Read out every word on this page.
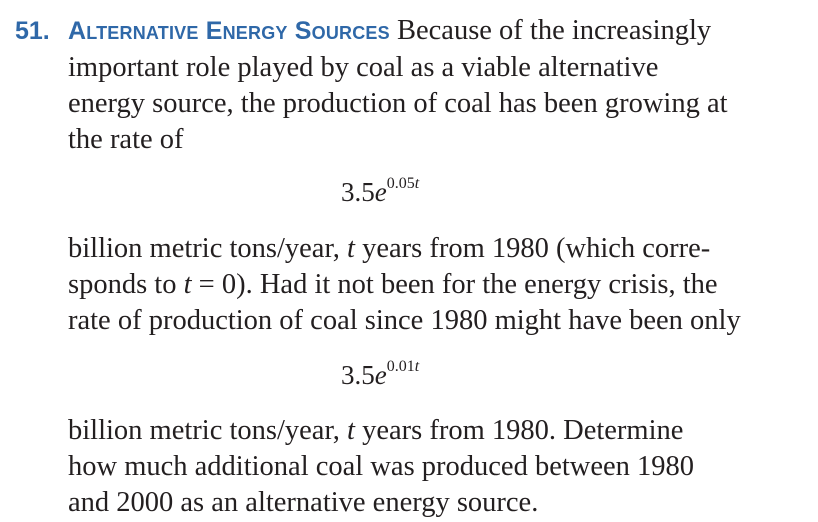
51. Alternative Energy Sources Because of the increasingly
important role played by coal as a viable alternative
energy source, the production of coal has been growing at
the rate of
$3.5e^{0.05t}$
billion metric tons/year, t years from 1980 (which corre-
sponds to t = 0). Had it not been for the energy crisis, the
rate of production of coal since 1980 might have been only
$3.5e^{0.01t}$
billion metric tons/year, t years from 1980. Determine
how much additional coal was produced between 1980
and 2000 as an alternative energy source.
